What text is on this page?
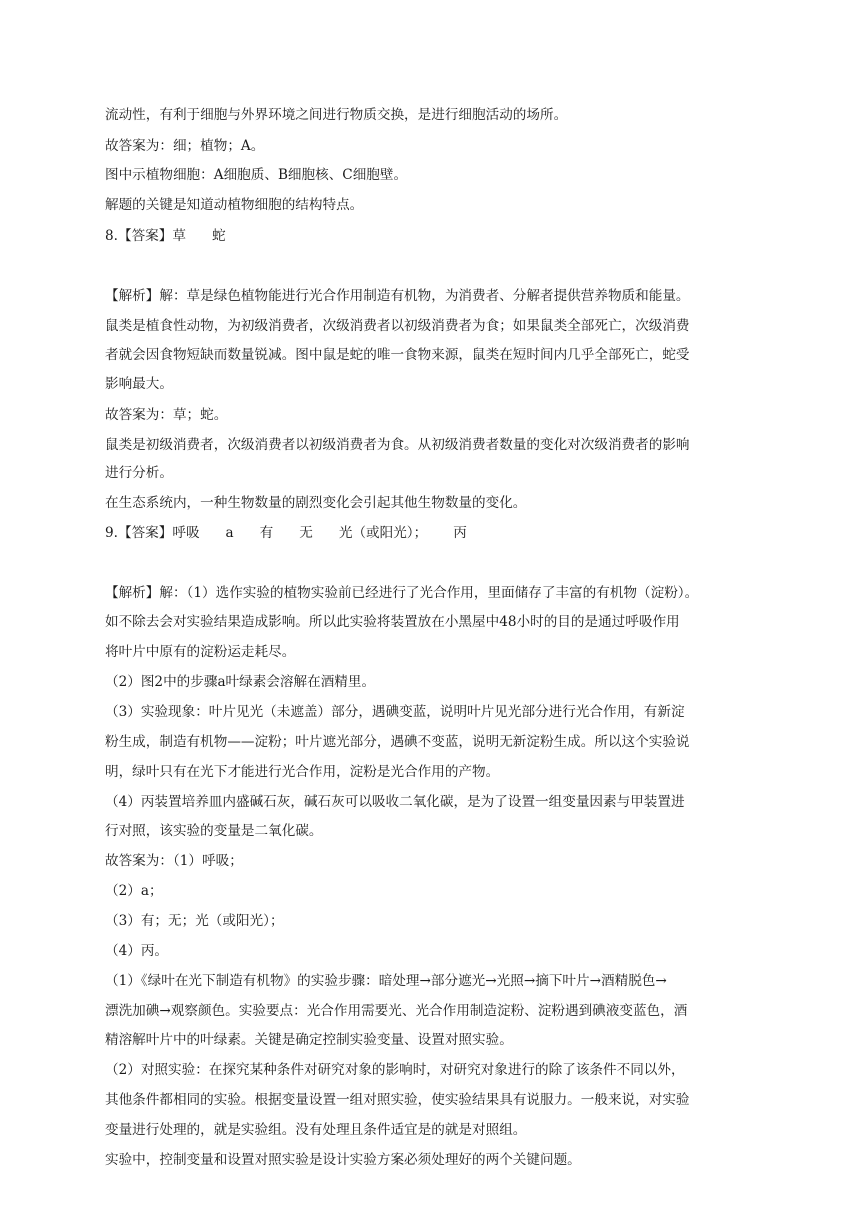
流动性，有利于细胞与外界环境之间进行物质交换，是进行细胞活动的场所。
故答案为：细；植物；A。
图中示植物细胞：A细胞质、B细胞核、C细胞壁。
解题的关键是知道动植物细胞的结构特点。
8.【答案】草 蛇
【解析】解：草是绿色植物能进行光合作用制造有机物，为消费者、分解者提供营养物质和能量。
鼠类是植食性动物，为初级消费者，次级消费者以初级消费者为食；如果鼠类全部死亡，次级消费
者就会因食物短缺而数量锐减。图中鼠是蛇的唯一食物来源，鼠类在短时间内几乎全部死亡，蛇受
影响最大。
故答案为：草；蛇。
鼠类是初级消费者，次级消费者以初级消费者为食。从初级消费者数量的变化对次级消费者的影响
进行分析。
在生态系统内，一种生物数量的剧烈变化会引起其他生物数量的变化。
9.【答案】呼吸 a 有 无 光（或阳光）； 丙
【解析】解：（1）选作实验的植物实验前已经进行了光合作用，里面储存了丰富的有机物（淀粉）。
如不除去会对实验结果造成影响。所以此实验将装置放在小黑屋中48小时的目的是通过呼吸作用
将叶片中原有的淀粉运走耗尽。
（2）图2中的步骤a叶绿素会溶解在酒精里。
（3）实验现象：叶片见光（未遮盖）部分，遇碘变蓝，说明叶片见光部分进行光合作用，有新淀
粉生成，制造有机物——淀粉；叶片遮光部分，遇碘不变蓝，说明无新淀粉生成。所以这个实验说
明，绿叶只有在光下才能进行光合作用，淀粉是光合作用的产物。
（4）丙装置培养皿内盛碱石灰，碱石灰可以吸收二氧化碳，是为了设置一组变量因素与甲装置进
行对照，该实验的变量是二氧化碳。
故答案为：（1）呼吸；
（2）a；
（3）有；无；光（或阳光）；
（4）丙。
（1）《绿叶在光下制造有机物》的实验步骤：暗处理→部分遮光→光照→摘下叶片→酒精脱色→
漂洗加碘→观察颜色。实验要点：光合作用需要光、光合作用制造淀粉、淀粉遇到碘液变蓝色，酒
精溶解叶片中的叶绿素。关键是确定控制实验变量、设置对照实验。
（2）对照实验：在探究某种条件对研究对象的影响时，对研究对象进行的除了该条件不同以外，
其他条件都相同的实验。根据变量设置一组对照实验，使实验结果具有说服力。一般来说，对实验
变量进行处理的，就是实验组。没有处理且条件适宜是的就是对照组。
实验中，控制变量和设置对照实验是设计实验方案必须处理好的两个关键问题。
